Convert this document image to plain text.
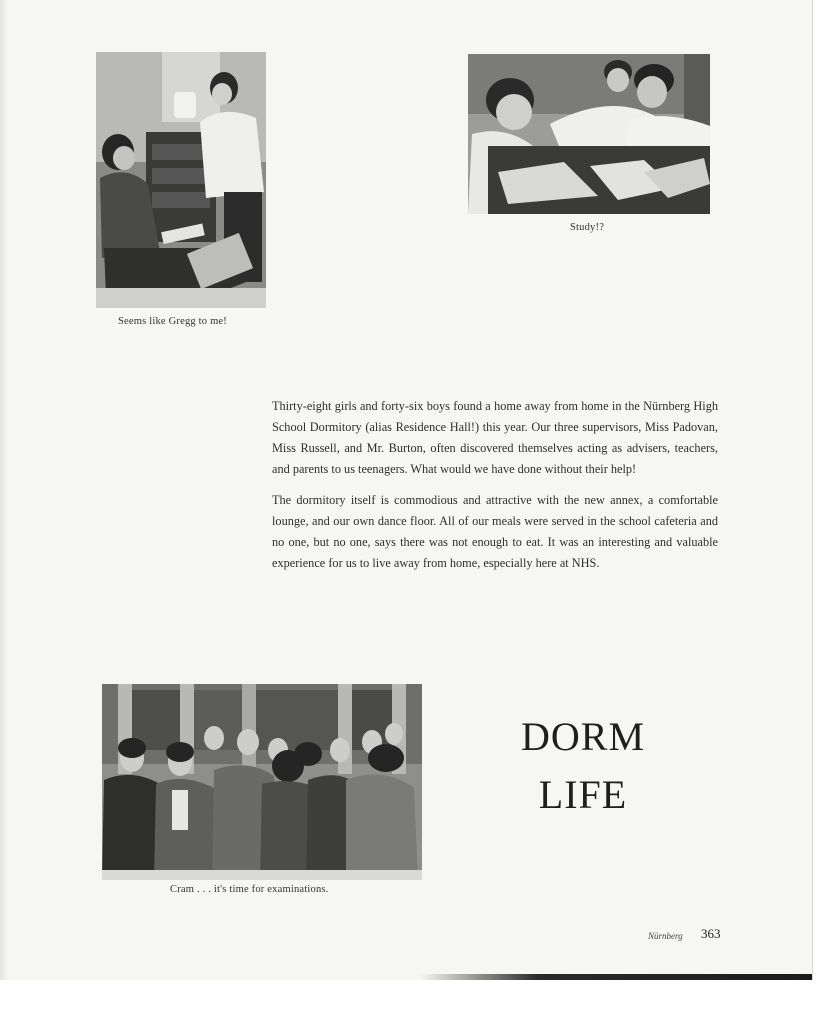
Seems like Gregg to me!
Study!?

Thirty-eight girls and forty-six boys found a home away from home in the Nürnberg High School Dormitory (alias Residence Hall!) this year. Our three supervisors, Miss Padovan, Miss Russell, and Mr. Burton, often discovered themselves acting as advisers, teachers, and parents to us teenagers. What would we have done without their help!

The dormitory itself is commodious and attractive with the new annex, a comfortable lounge, and our own dance floor. All of our meals were served in the school cafeteria and no one, but no one, says there was not enough to eat. It was an interesting and valuable experience for us to live away from home, especially here at NHS.

Cram . . . it's time for examinations.
DORM
LIFE
Nürnberg 363
